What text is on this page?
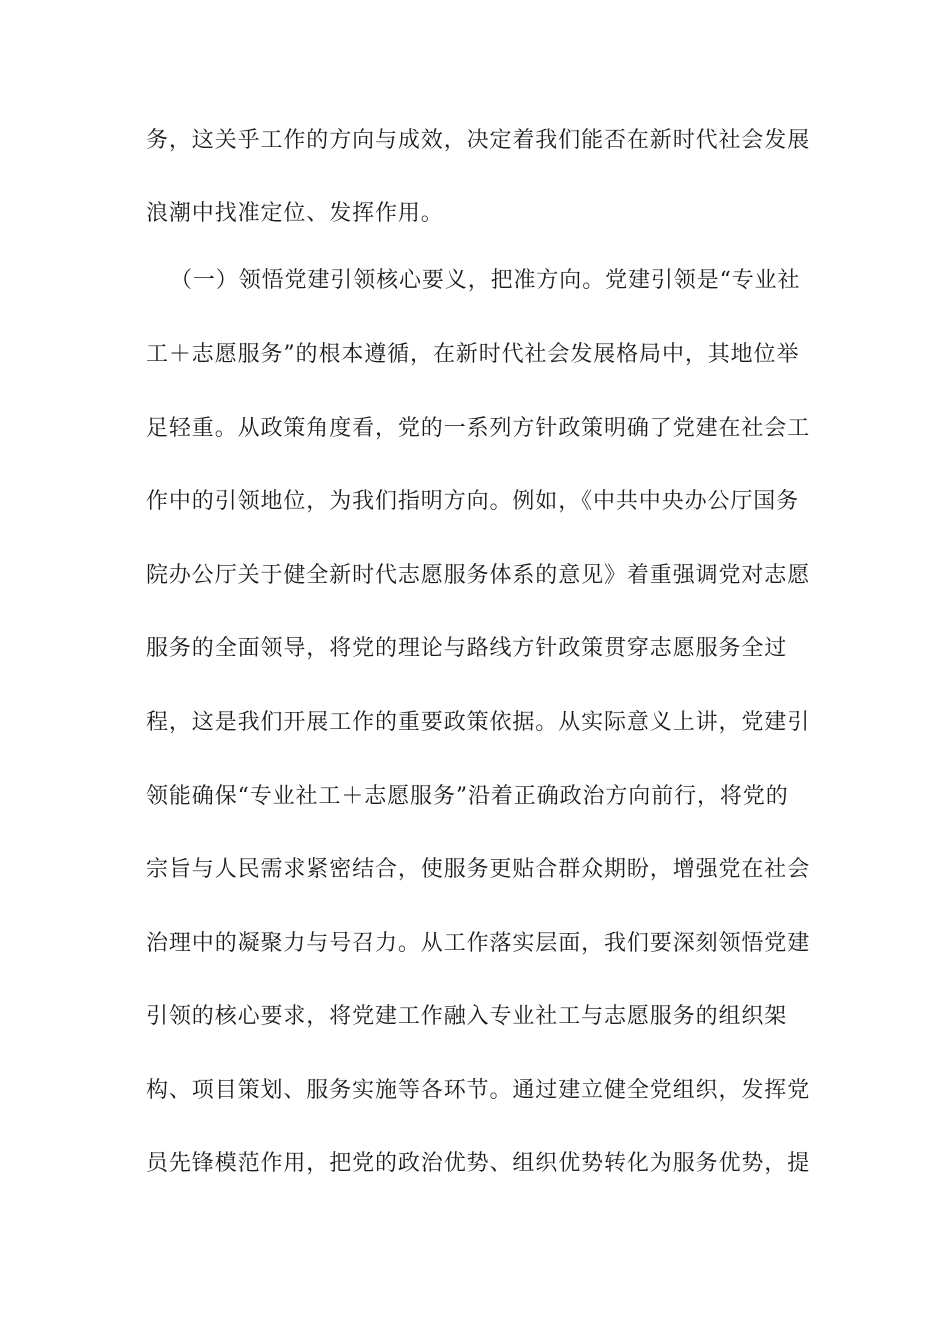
务，这关乎工作的方向与成效，决定着我们能否在新时代社会发展
浪潮中找准定位、发挥作用。
（一）领悟党建引领核心要义，把准方向。党建引领是“专业社
工＋志愿服务”的根本遵循，在新时代社会发展格局中，其地位举
足轻重。从政策角度看，党的一系列方针政策明确了党建在社会工
作中的引领地位，为我们指明方向。例如，《中共中央办公厅国务
院办公厅关于健全新时代志愿服务体系的意见》着重强调党对志愿
服务的全面领导，将党的理论与路线方针政策贯穿志愿服务全过
程，这是我们开展工作的重要政策依据。从实际意义上讲，党建引
领能确保“专业社工＋志愿服务”沿着正确政治方向前行，将党的
宗旨与人民需求紧密结合，使服务更贴合群众期盼，增强党在社会
治理中的凝聚力与号召力。从工作落实层面，我们要深刻领悟党建
引领的核心要求，将党建工作融入专业社工与志愿服务的组织架
构、项目策划、服务实施等各环节。通过建立健全党组织，发挥党
员先锋模范作用，把党的政治优势、组织优势转化为服务优势，提
